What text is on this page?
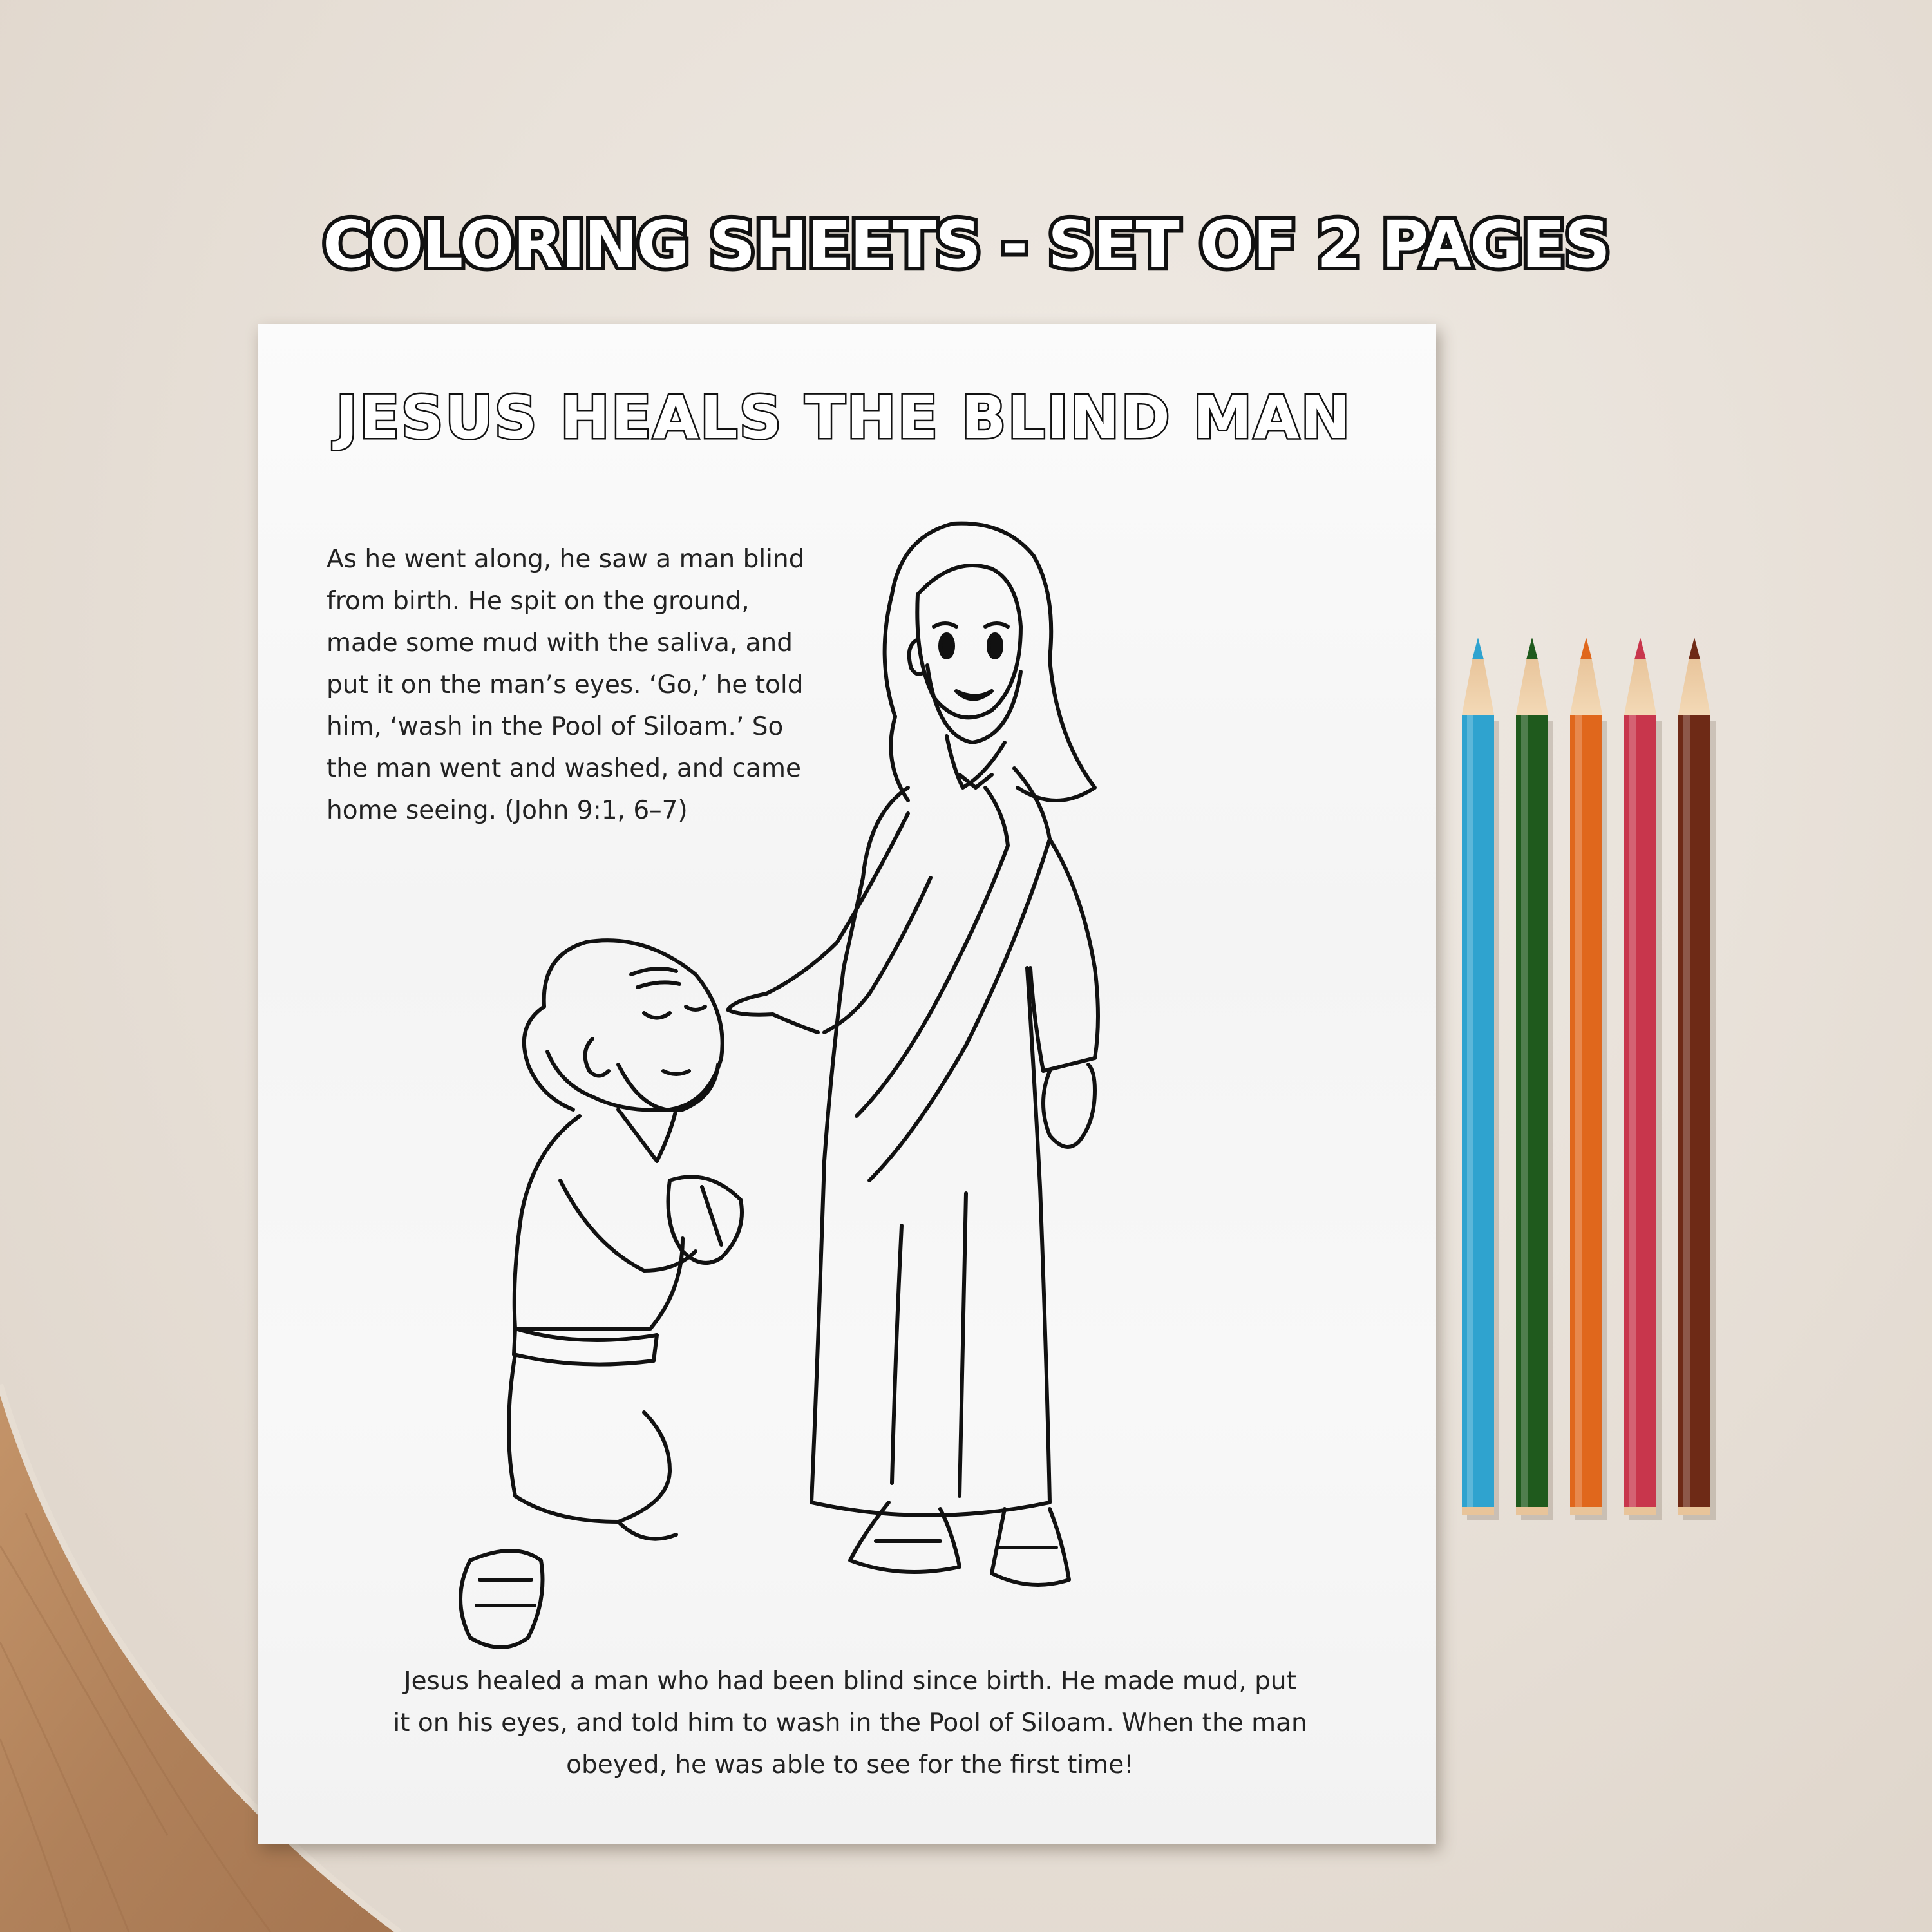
COLORING SHEETS - SET OF 2 PAGES
JESUS HEALS THE BLIND MAN

As he went along, he saw a man blind
from birth. He spit on the ground,
made some mud with the saliva, and
put it on the man’s eyes. ‘Go,’ he told
him, ‘wash in the Pool of Siloam.’ So
the man went and washed, and came
home seeing. (John 9:1, 6–7)

Jesus healed a man who had been blind since birth. He made mud, put
it on his eyes, and told him to wash in the Pool of Siloam. When the man
obeyed, he was able to see for the first time!
